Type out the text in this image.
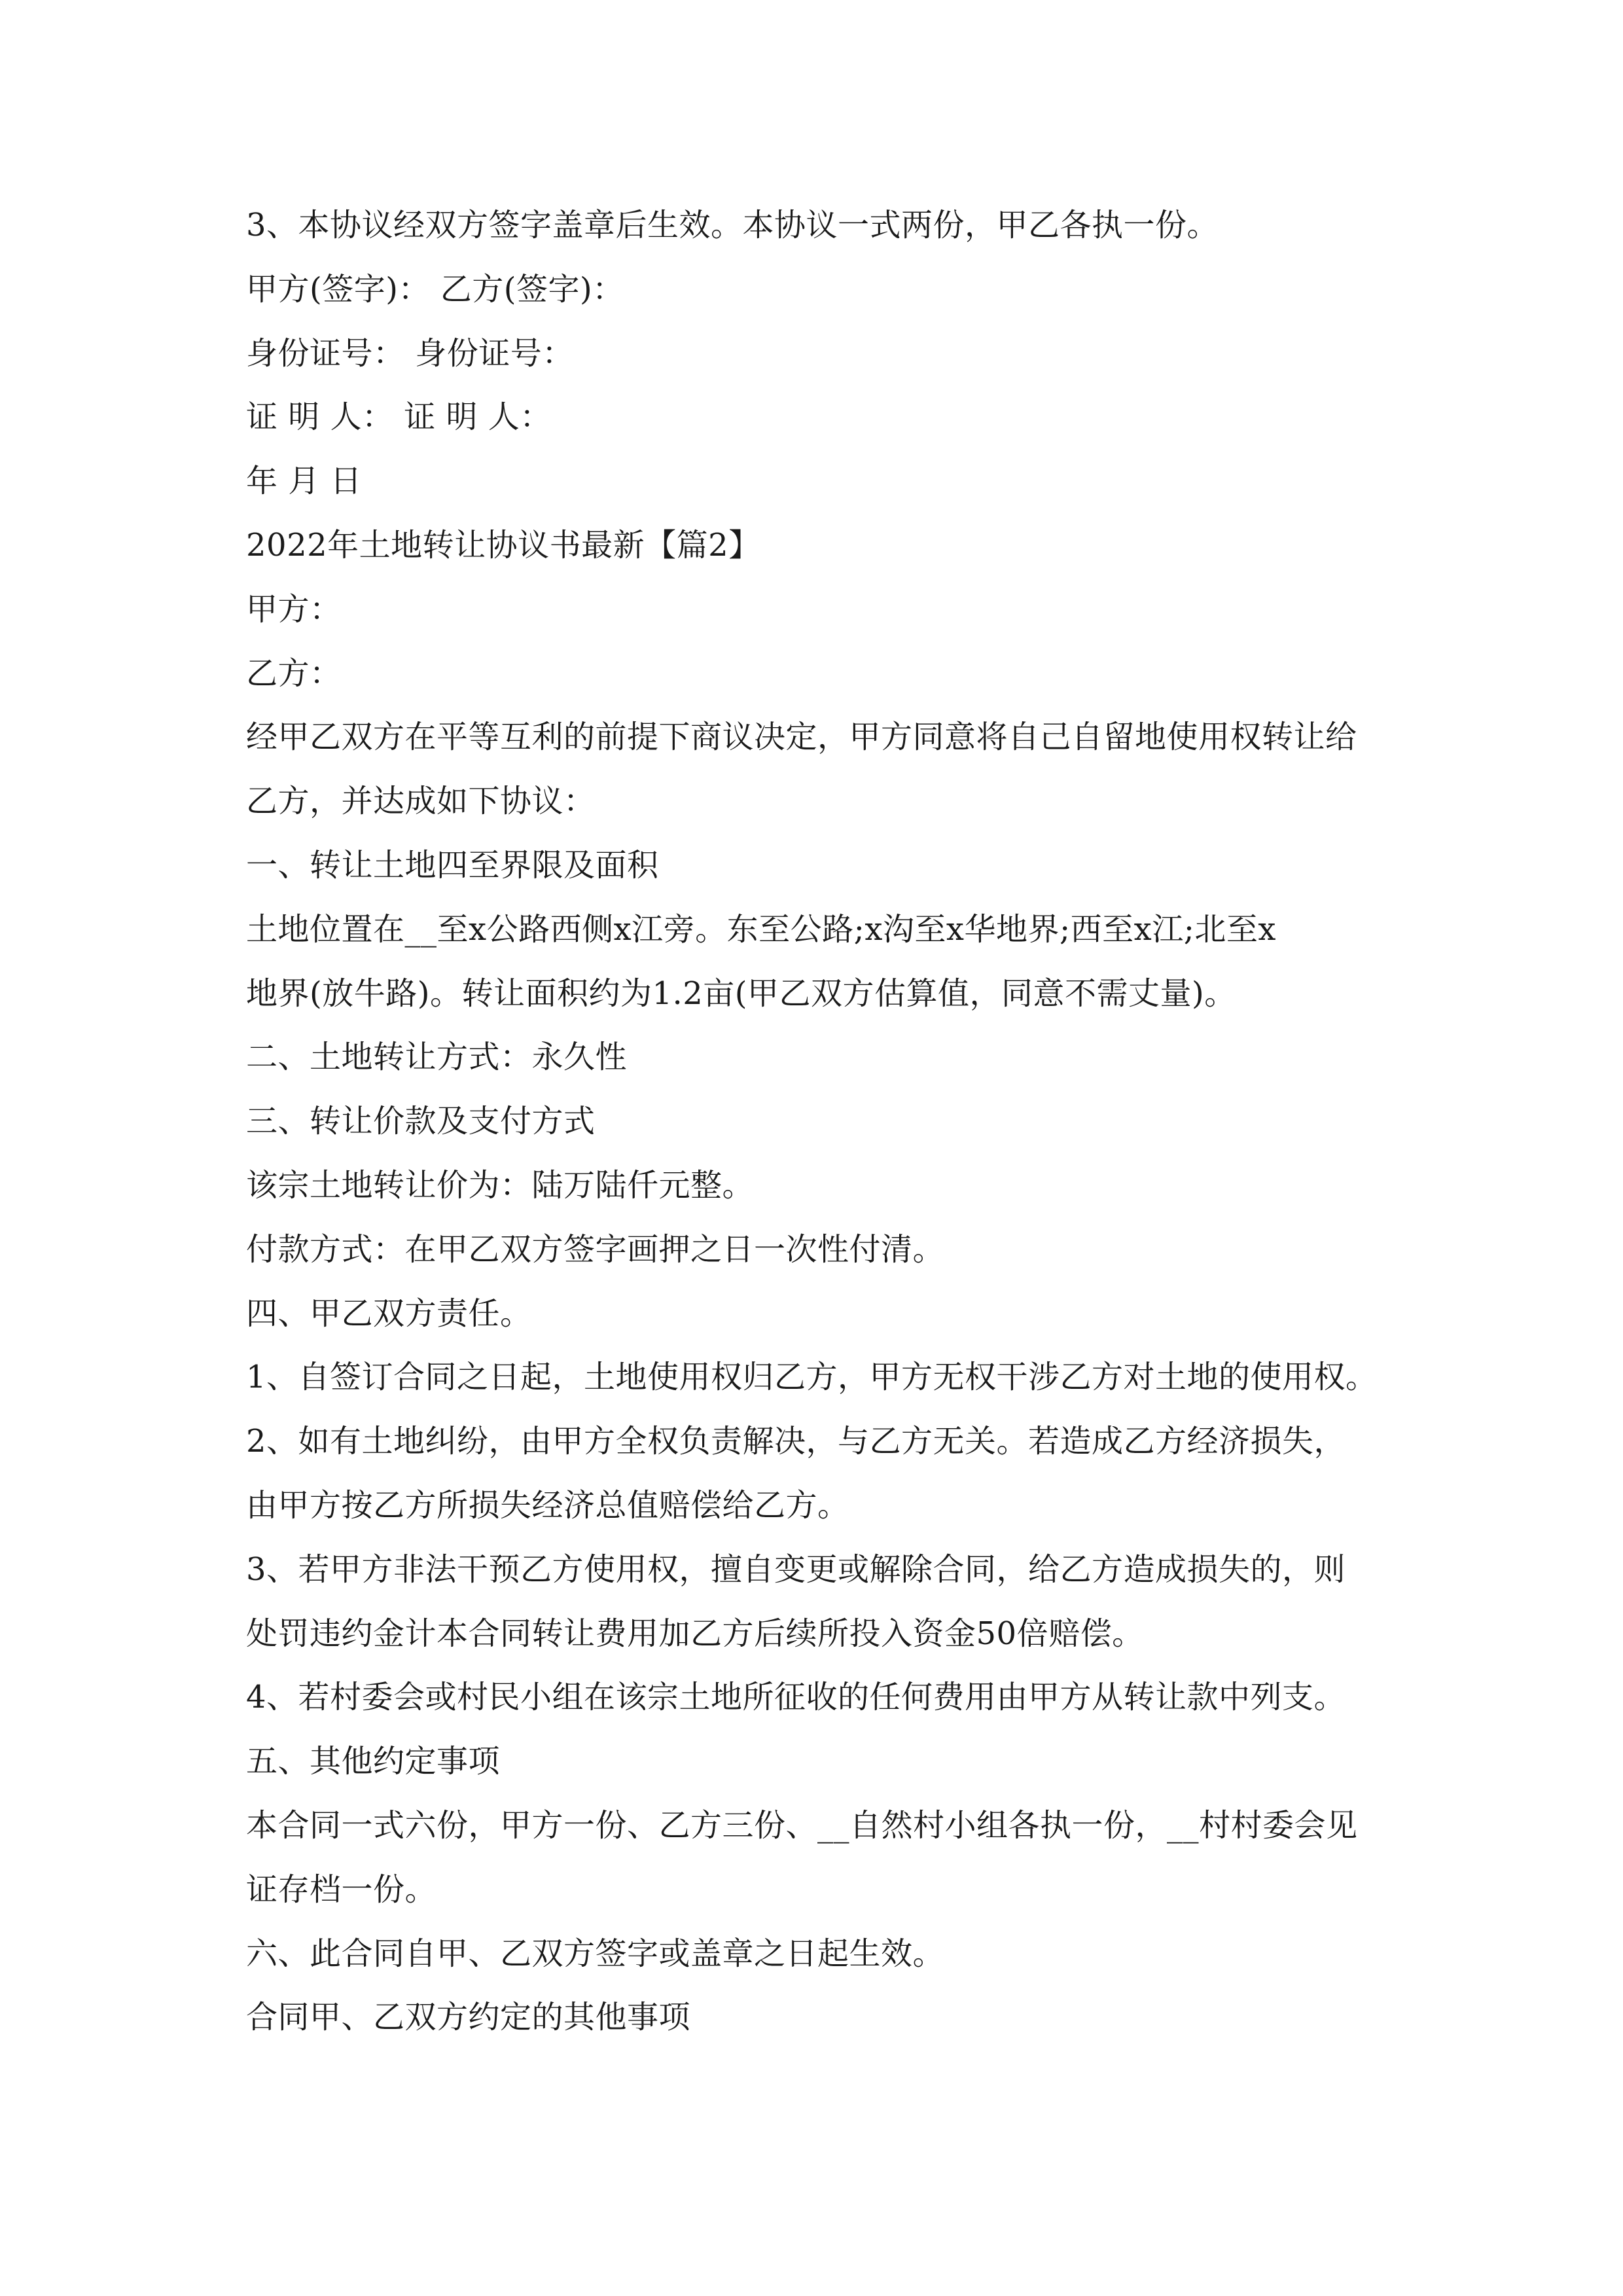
3、本协议经双方签字盖章后生效。本协议一式两份，甲乙各执一份。
甲方(签字)： 乙方(签字)：
身份证号： 身份证号：
证 明 人： 证 明 人：
年 月 日
2022年土地转让协议书最新【篇2】
甲方：
乙方：
经甲乙双方在平等互利的前提下商议决定，甲方同意将自己自留地使用权转让给
乙方，并达成如下协议：
一、转让土地四至界限及面积
土地位置在__至x公路西侧x江旁。东至公路;x沟至x华地界;西至x江;北至x
地界(放牛路)。转让面积约为1.2亩(甲乙双方估算值，同意不需丈量)。
二、土地转让方式：永久性
三、转让价款及支付方式
该宗土地转让价为：陆万陆仟元整。
付款方式：在甲乙双方签字画押之日一次性付清。
四、甲乙双方责任。
1、自签订合同之日起，土地使用权归乙方，甲方无权干涉乙方对土地的使用权。
2、如有土地纠纷，由甲方全权负责解决，与乙方无关。若造成乙方经济损失，
由甲方按乙方所损失经济总值赔偿给乙方。
3、若甲方非法干预乙方使用权，擅自变更或解除合同，给乙方造成损失的，则
处罚违约金计本合同转让费用加乙方后续所投入资金50倍赔偿。
4、若村委会或村民小组在该宗土地所征收的任何费用由甲方从转让款中列支。
五、其他约定事项
本合同一式六份，甲方一份、乙方三份、__自然村小组各执一份，__村村委会见
证存档一份。
六、此合同自甲、乙双方签字或盖章之日起生效。
合同甲、乙双方约定的其他事项
